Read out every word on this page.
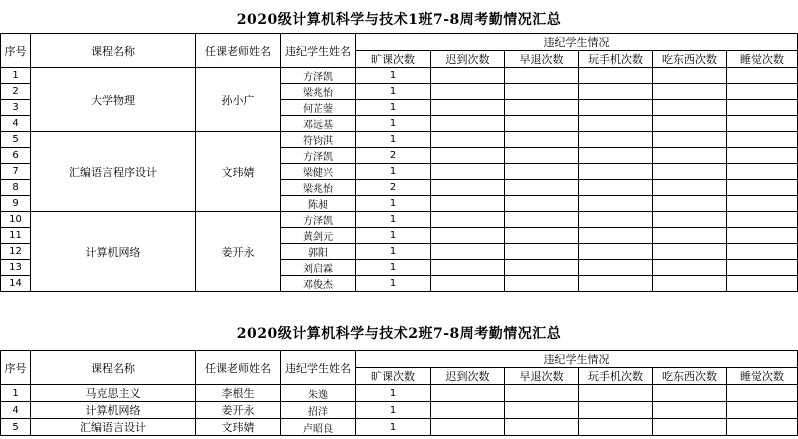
2020级计算机科学与技术1班7-8周考勤情况汇总
序号	课程名称	任课老师姓名	违纪学生姓名	违纪学生情况					
				旷课次数	迟到次数	早退次数	玩手机次数	吃东西次数	睡觉次数
1	大学物理	孙小广	方泽凯	1					
2			梁兆怡	1					
3			何芷蓥	1					
4			邓远基	1					
5	汇编语言程序设计	文玮婧	符钧淇	1					
6			方泽凯	2					
7			梁健兴	1					
8			梁兆怡	2					
9			陈昶	1					
10	计算机网络	姜开永	方泽凯	1					
11			黄剑元	1					
12			郭阳	1					
13			刘启霖	1					
14			邓俊杰	1					
2020级计算机科学与技术2班7-8周考勤情况汇总
序号	课程名称	任课老师姓名	违纪学生姓名	违纪学生情况					
				旷课次数	迟到次数	早退次数	玩手机次数	吃东西次数	睡觉次数
1	马克思主义	李根生	朱逸	1					
4	计算机网络	姜开永	招洋	1					
5	汇编语言设计	文玮婧	卢昭良	1					
